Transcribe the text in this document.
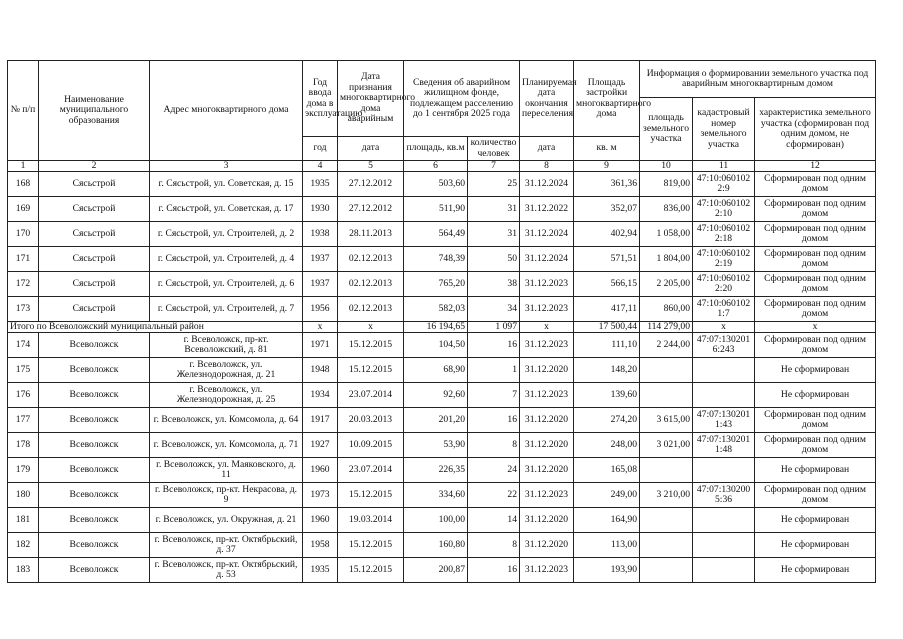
№ п/п	Наименование муниципального образования	Адрес многоквартирного дома	Год ввода дома в эксплуатацию	Дата признания многоквартирного дома аварийным	Сведения об аварийном жилищном фонде, подлежащем расселению до 1 сентября 2025 года		Планируемая дата окончания переселения	Площадь застройки многоквартирного дома	Информация о формировании земельного участка под аварийным многоквартирным домом		
									площадь земельного участка	кадастровый номер земельного участка	характеристика земельного участка (сформирован под одним домом, не сформирован)
			год	дата	площадь, кв.м	количество человек	дата	кв. м			
1	2	3	4	5	6	7	8	9	10	11	12
168	Сясьстрой	г. Сясьстрой, ул. Советская, д. 15	1935	27.12.2012	503,60	25	31.12.2024	361,36	819,00	47:10:060102 2:9	Сформирован под одним домом
169	Сясьстрой	г. Сясьстрой, ул. Советская, д. 17	1930	27.12.2012	511,90	31	31.12.2022	352,07	836,00	47:10:060102 2:10	Сформирован под одним домом
170	Сясьстрой	г. Сясьстрой, ул. Строителей, д. 2	1938	28.11.2013	564,49	31	31.12.2024	402,94	1 058,00	47:10:060102 2:18	Сформирован под одним домом
171	Сясьстрой	г. Сясьстрой, ул. Строителей, д. 4	1937	02.12.2013	748,39	50	31.12.2024	571,51	1 804,00	47:10:060102 2:19	Сформирован под одним домом
172	Сясьстрой	г. Сясьстрой, ул. Строителей, д. 6	1937	02.12.2013	765,20	38	31.12.2023	566,15	2 205,00	47:10:060102 2:20	Сформирован под одним домом
173	Сясьстрой	г. Сясьстрой, ул. Строителей, д. 7	1956	02.12.2013	582,03	34	31.12.2023	417,11	860,00	47:10:060102 1:7	Сформирован под одним домом
Итого по Всеволожский муниципальный район			х	х	16 194,65	1 097	х	17 500,44	114 279,00	х	х
174	Всеволожск	г. Всеволожск, пр-кт. Всеволожский, д. 81	1971	15.12.2015	104,50	16	31.12.2023	111,10	2 244,00	47:07:130201 6:243	Сформирован под одним домом
175	Всеволожск	г. Всеволожск, ул. Железнодорожная, д. 21	1948	15.12.2015	68,90	1	31.12.2020	148,20			Не сформирован
176	Всеволожск	г. Всеволожск, ул. Железнодорожная, д. 25	1934	23.07.2014	92,60	7	31.12.2023	139,60			Не сформирован
177	Всеволожск	г. Всеволожск, ул. Комсомола, д. 64	1917	20.03.2013	201,20	16	31.12.2020	274,20	3 615,00	47:07:130201 1:43	Сформирован под одним домом
178	Всеволожск	г. Всеволожск, ул. Комсомола, д. 71	1927	10.09.2015	53,90	8	31.12.2020	248,00	3 021,00	47:07:130201 1:48	Сформирован под одним домом
179	Всеволожск	г. Всеволожск, ул. Маяковского, д. 11	1960	23.07.2014	226,35	24	31.12.2020	165,08			Не сформирован
180	Всеволожск	г. Всеволожск, пр-кт. Некрасова, д. 9	1973	15.12.2015	334,60	22	31.12.2023	249,00	3 210,00	47:07:130200 5:36	Сформирован под одним домом
181	Всеволожск	г. Всеволожск, ул. Окружная, д. 21	1960	19.03.2014	100,00	14	31.12.2020	164,90			Не сформирован
182	Всеволожск	г. Всеволожск, пр-кт. Октябрьский, д. 37	1958	15.12.2015	160,80	8	31.12.2020	113,00			Не сформирован
183	Всеволожск	г. Всеволожск, пр-кт. Октябрьский, д. 53	1935	15.12.2015	200,87	16	31.12.2023	193,90			Не сформирован
